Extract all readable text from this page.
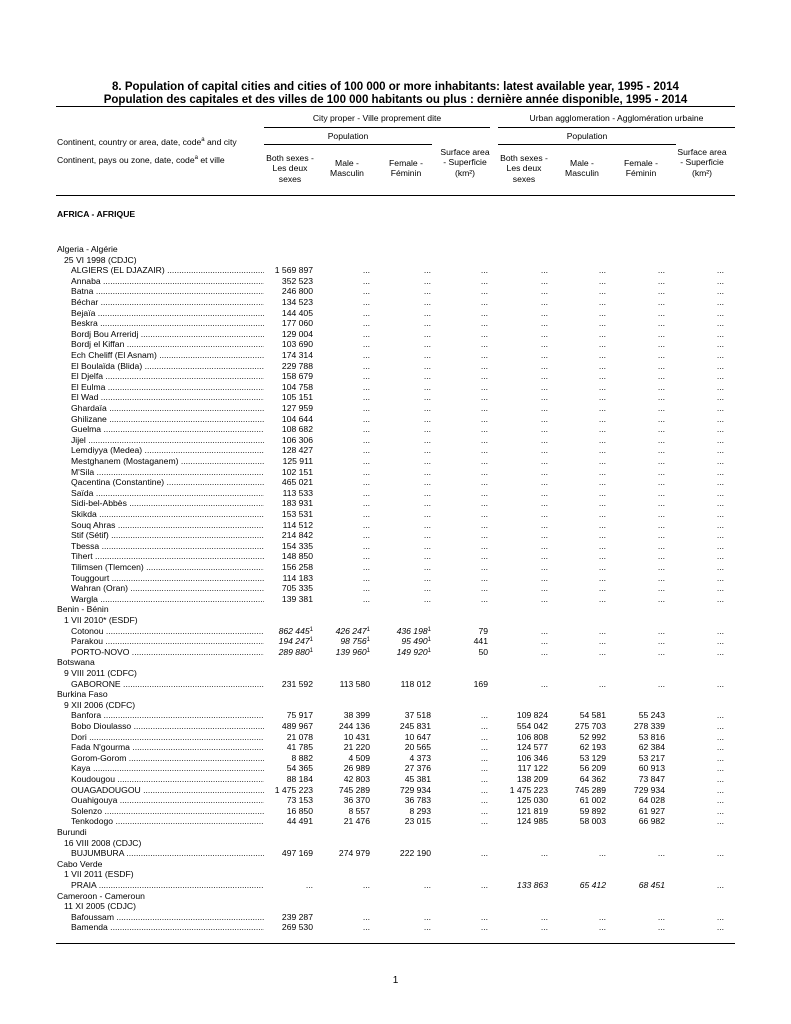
8. Population of capital cities and cities of 100 000 or more inhabitants: latest available year, 1995 - 2014
Population des capitales et des villes de 100 000 habitants ou plus : dernière année disponible, 1995 - 2014
City proper - Ville proprement dite	Urban agglomeration - Agglomération urbaine
Continent, country or area, date, code$^a$ and city
Continent, pays ou zone, date, code$^a$ et ville
Population	Population
Both sexes - Les deux sexes
Male - Masculin
Female - Féminin
Surface area - Superficie (km²)
Both sexes - Les deux sexes
Male - Masculin
Female - Féminin
Surface area - Superficie (km²)
AFRICA - AFRIQUE
Algeria - Algérie
25 VI 1998 (CDJC)
ALGIERS (EL DJAZAIR) .....	1 569 897	...	...	...	...	...	...	...
Annaba .....	352 523	...	...	...	...	...	...	...
Batna .....	246 800	...	...	...	...	...	...	...
Béchar .....	134 523	...	...	...	...	...	...	...
Bejaïa .....	144 405	...	...	...	...	...	...	...
Beskra .....	177 060	...	...	...	...	...	...	...
Bordj Bou Arreridj .....	129 004	...	...	...	...	...	...	...
Bordj el Kiffan .....	103 690	...	...	...	...	...	...	...
Ech Cheliff (El Asnam) .....	174 314	...	...	...	...	...	...	...
El Boulaïda (Blida) .....	229 788	...	...	...	...	...	...	...
El Djelfa .....	158 679	...	...	...	...	...	...	...
El Eulma .....	104 758	...	...	...	...	...	...	...
El Wad .....	105 151	...	...	...	...	...	...	...
Ghardaïa .....	127 959	...	...	...	...	...	...	...
Ghilizane .....	104 644	...	...	...	...	...	...	...
Guelma .....	108 682	...	...	...	...	...	...	...
Jijel .....	106 306	...	...	...	...	...	...	...
Lemdiyya (Medea) .....	128 427	...	...	...	...	...	...	...
Mestghanem (Mostaganem) .....	125 911	...	...	...	...	...	...	...
M'Sila .....	102 151	...	...	...	...	...	...	...
Qacentina (Constantine) .....	465 021	...	...	...	...	...	...	...
Saïda .....	113 533	...	...	...	...	...	...	...
Sidi-bel-Abbès .....	183 931	...	...	...	...	...	...	...
Skikda .....	153 531	...	...	...	...	...	...	...
Souq Ahras .....	114 512	...	...	...	...	...	...	...
Stif (Sétif) .....	214 842	...	...	...	...	...	...	...
Tbessa .....	154 335	...	...	...	...	...	...	...
Tihert .....	148 850	...	...	...	...	...	...	...
Tilimsen (Tlemcen) .....	156 258	...	...	...	...	...	...	...
Touggourt .....	114 183	...	...	...	...	...	...	...
Wahran (Oran) .....	705 335	...	...	...	...	...	...	...
Wargla .....	139 381	...	...	...	...	...	...	...
Benin - Bénin
1 VII 2010* (ESDF)
Cotonou .....	862 $445^1$	426 $247^1$	436 $198^1$	79	...	...	...	...
Parakou .....	194 $247^1$	98 $756^1$	95 $490^1$	441	...	...	...	...
PORTO-NOVO .....	289 $880^1$	139 $960^1$	149 $920^1$	50	...	...	...	...
Botswana
9 VIII 2011 (CDFC)
GABORONE .....	231 592	113 580	118 012	169	...	...	...	...
Burkina Faso
9 XII 2006 (CDFC)
Banfora .....	75 917	38 399	37 518	...	109 824	54 581	55 243	...
Bobo Dioulasso .....	489 967	244 136	245 831	...	554 042	275 703	278 339	...
Dori .....	21 078	10 431	10 647	...	106 808	52 992	53 816	...
Fada N'gourma .....	41 785	21 220	20 565	...	124 577	62 193	62 384	...
Gorom-Gorom .....	8 882	4 509	4 373	...	106 346	53 129	53 217	...
Kaya .....	54 365	26 989	27 376	...	117 122	56 209	60 913	...
Koudougou .....	88 184	42 803	45 381	...	138 209	64 362	73 847	...
OUAGADOUGOU .....	1 475 223	745 289	729 934	...	1 475 223	745 289	729 934	...
Ouahigouya .....	73 153	36 370	36 783	...	125 030	61 002	64 028	...
Solenzo .....	16 850	8 557	8 293	...	121 819	59 892	61 927	...
Tenkodogo .....	44 491	21 476	23 015	...	124 985	58 003	66 982	...
Burundi
16 VIII 2008 (CDJC)
BUJUMBURA .....	497 169	274 979	222 190	...	...	...	...	...
Cabo Verde
1 VII 2011 (ESDF)
PRAIA .....	...	...	...	...	133 863	65 412	68 451	...
Cameroon - Cameroun
11 XI 2005 (CDJC)
Bafoussam .....	239 287	...	...	...	...	...	...	...
Bamenda .....	269 530	...	...	...	...	...	...	...
1
